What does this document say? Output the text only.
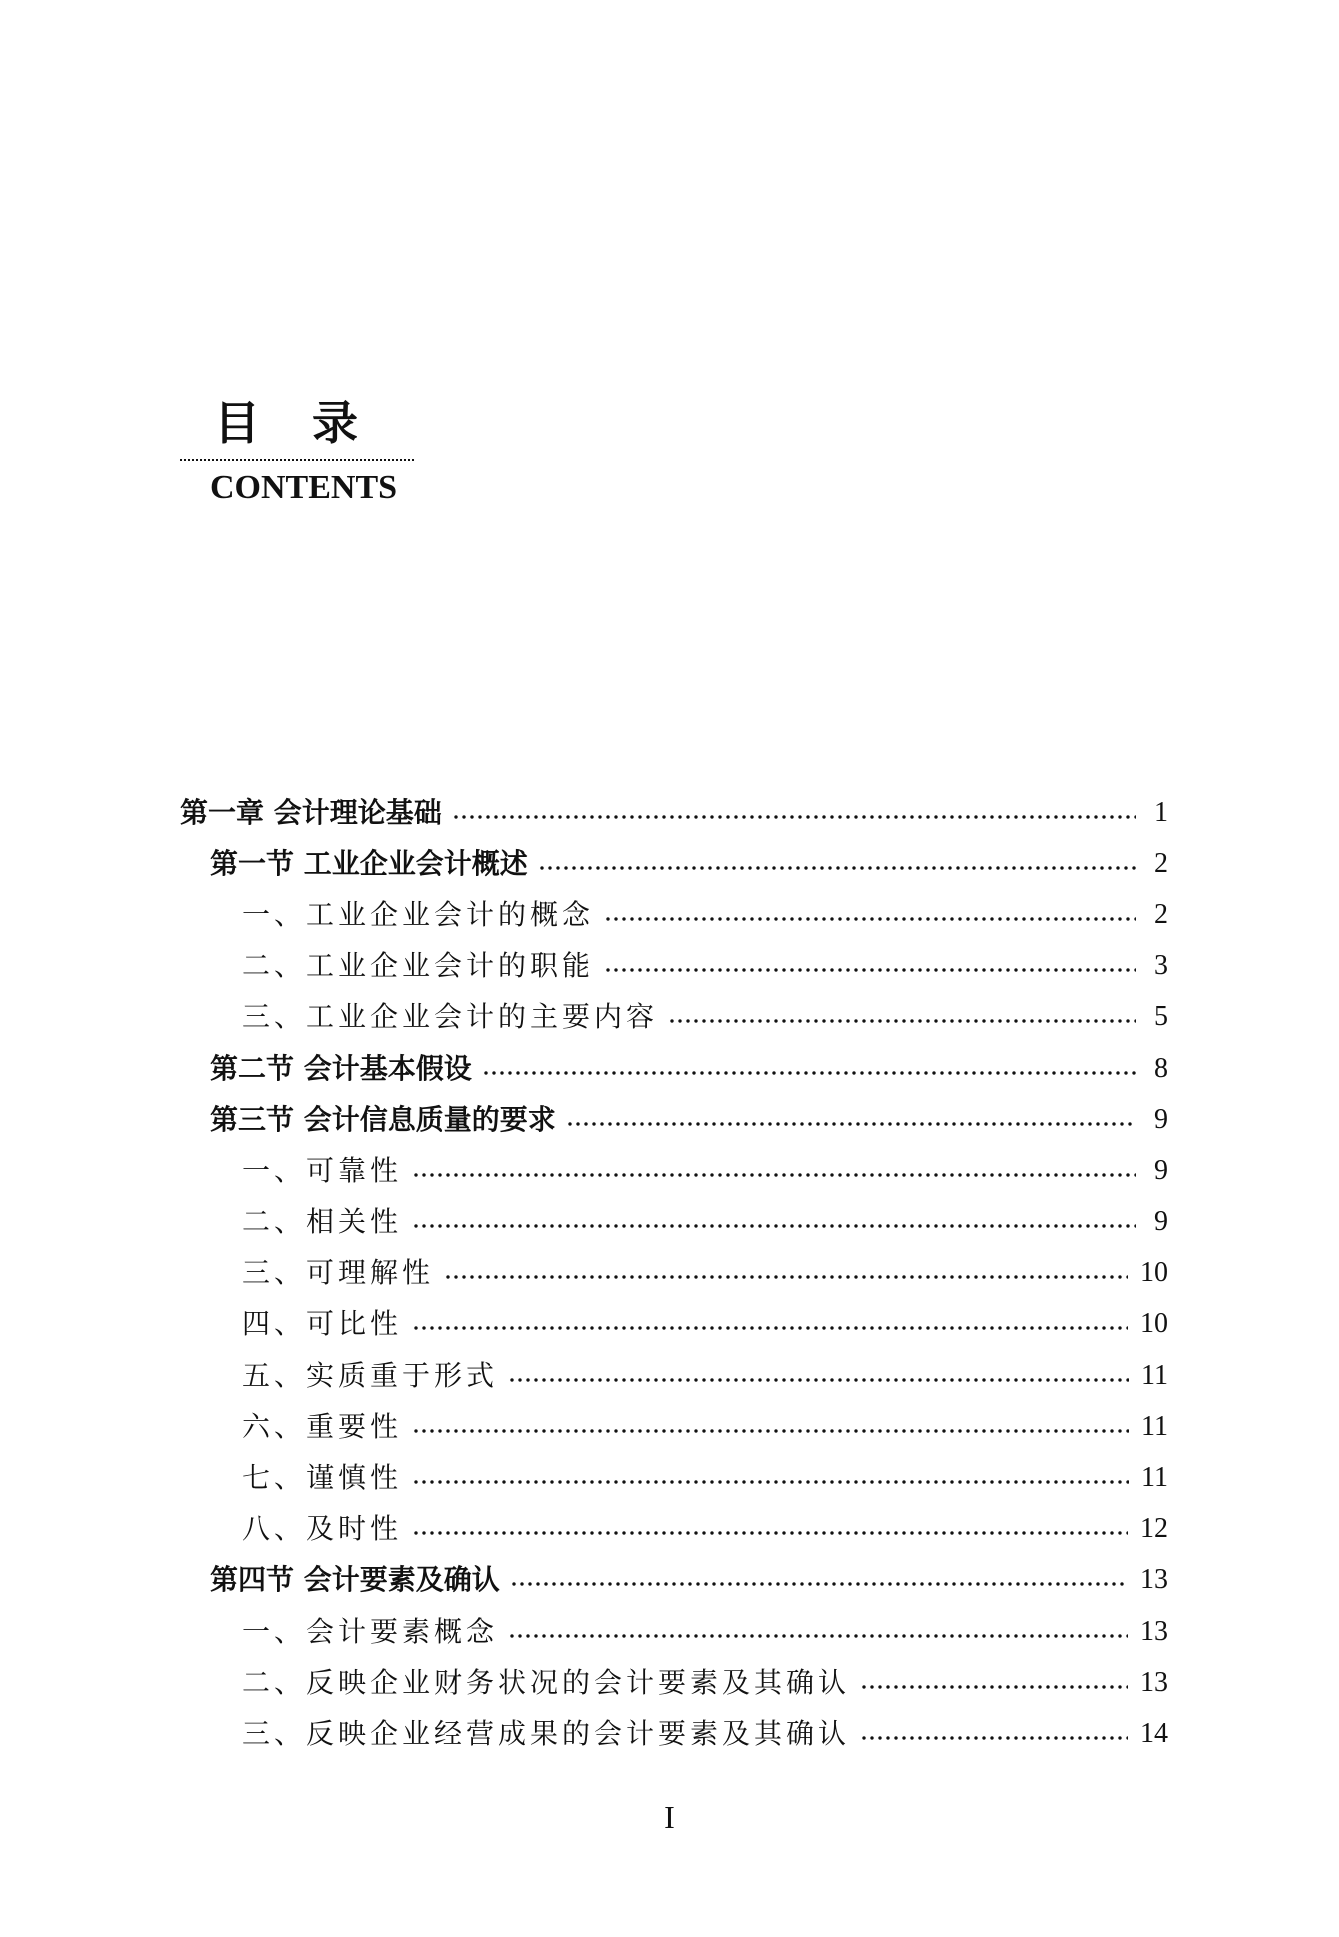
目录
CONTENTS
第一章 会计理论基础	1
第一节 工业企业会计概述	2
一、工业企业会计的概念	2
二、工业企业会计的职能	3
三、工业企业会计的主要内容	5
第二节 会计基本假设	8
第三节 会计信息质量的要求	9
一、可靠性	9
二、相关性	9
三、可理解性	10
四、可比性	10
五、实质重于形式	11
六、重要性	11
七、谨慎性	11
八、及时性	12
第四节 会计要素及确认	13
一、会计要素概念	13
二、反映企业财务状况的会计要素及其确认	13
三、反映企业经营成果的会计要素及其确认	14
I
